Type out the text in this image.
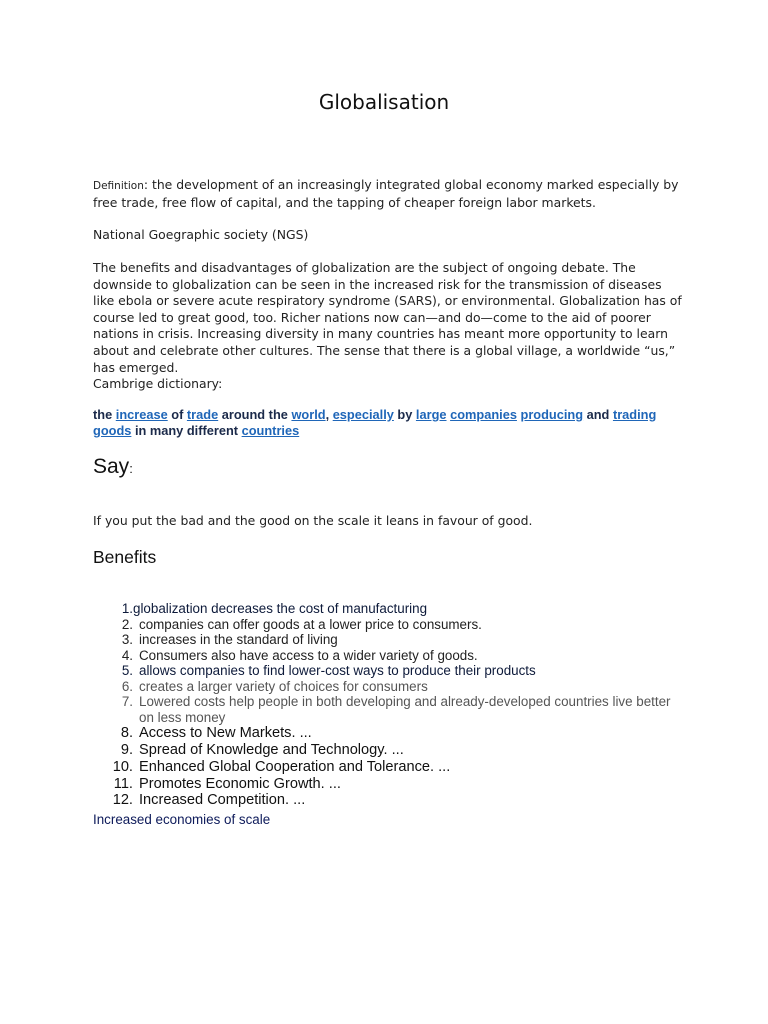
Globalisation
Definition: the development of an increasingly integrated global economy marked especially by free trade, free flow of capital, and the tapping of cheaper foreign labor markets.
National Goegraphic society (NGS)
The benefits and disadvantages of globalization are the subject of ongoing debate. The downside to globalization can be seen in the increased risk for the transmission of diseases like ebola or severe acute respiratory syndrome (SARS), or environmental. Globalization has of course led to great good, too. Richer nations now can—and do—come to the aid of poorer nations in crisis. Increasing diversity in many countries has meant more opportunity to learn about and celebrate other cultures. The sense that there is a global village, a worldwide “us,” has emerged.
Cambrige dictionary:
the increase of trade around the world, especially by large companies producing and trading goods in many different countries
Say:
If you put the bad and the good on the scale it leans in favour of good.
Benefits
1. globalization decreases the cost of manufacturing
2. companies can offer goods at a lower price to consumers.
3. increases in the standard of living
4. Consumers also have access to a wider variety of goods.
5. allows companies to find lower-cost ways to produce their products
6. creates a larger variety of choices for consumers
7. Lowered costs help people in both developing and already-developed countries live better on less money
8. Access to New Markets. ...
9. Spread of Knowledge and Technology. ...
10. Enhanced Global Cooperation and Tolerance. ...
11. Promotes Economic Growth. ...
12. Increased Competition. ...
Increased economies of scale
